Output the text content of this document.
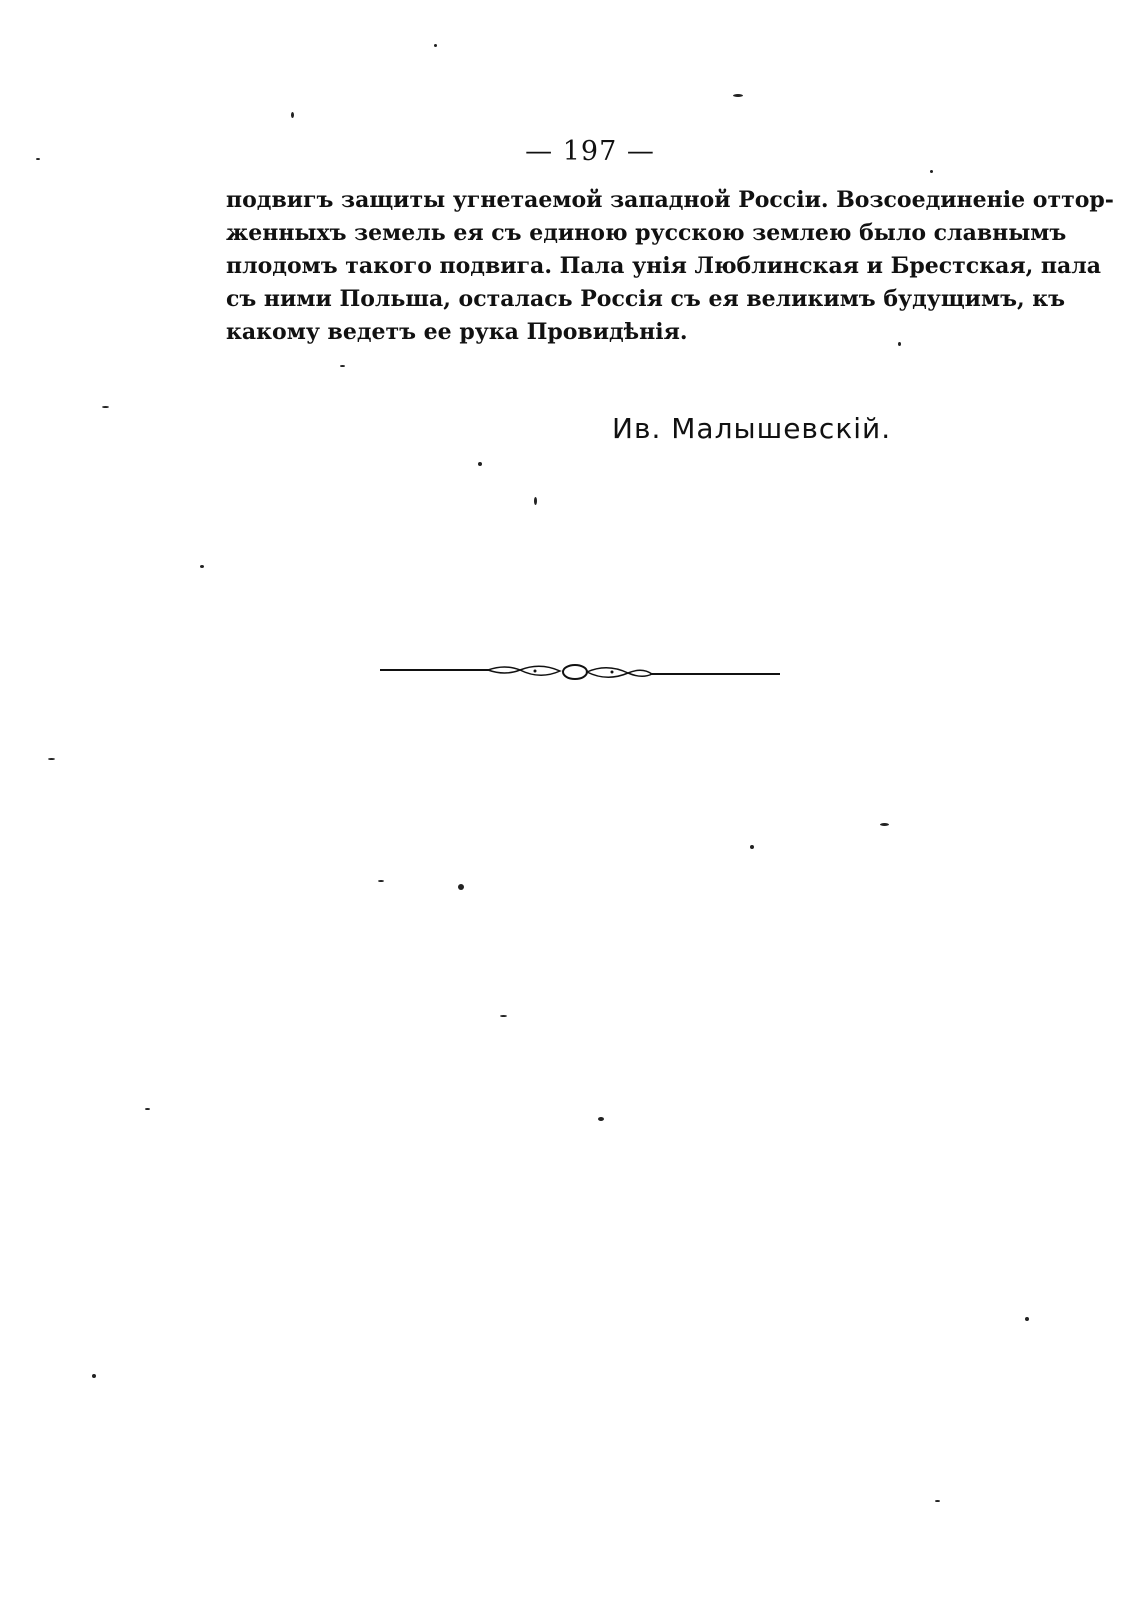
— 197 —
подвигъ защиты угнетаемой западной Россіи. Возсоединеніе оттор-
женныхъ земель ея съ единою русскою землею было славнымъ
плодомъ такого подвига. Пала унія Люблинская и Брестская, пала
съ ними Польша, осталась Россія съ ея великимъ будущимъ, къ
какому ведетъ ее рука Провидѣнія.
Ив. Малышевскій.
